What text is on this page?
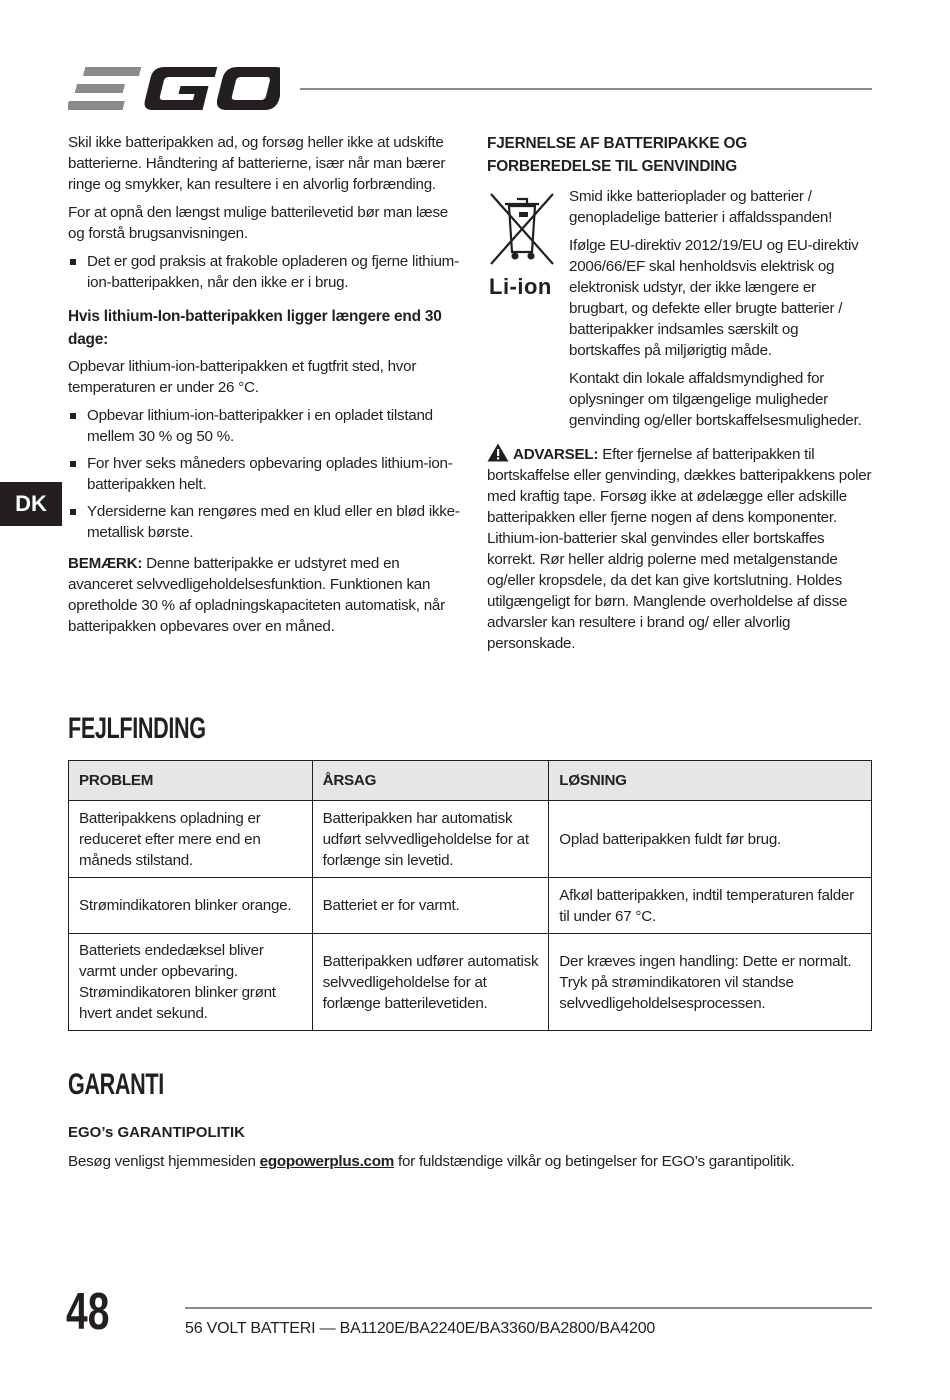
DK

Skil ikke batteripakken ad, og forsøg heller ikke at udskifte batterierne. Håndtering af batterierne, især når man bærer ringe og smykker, kan resultere i en alvorlig forbrænding.

For at opnå den længst mulige batterilevetid bør man læse og forstå brugsanvisningen.

Det er god praksis at frakoble opladeren og fjerne lithium-ion-batteripakken, når den ikke er i brug.
Hvis lithium-Ion-batteripakken ligger længere end 30 dage:

Opbevar lithium-ion-batteripakken et fugtfrit sted, hvor temperaturen er under 26 °C.

Opbevar lithium-ion-batteripakker i en opladet tilstand mellem 30 % og 50 %.
For hver seks måneders opbevaring oplades lithium-ion-batteripakken helt.
Ydersiderne kan rengøres med en klud eller en blød ikke-metallisk børste.

BEMÆRK: Denne batteripakke er udstyret med en avanceret selvvedligeholdelsesfunktion. Funktionen kan opretholde 30 % af opladningskapaciteten automatisk, når batteripakken opbevares over en måned.

FJERNELSE AF BATTERIPAKKE OG FORBEREDELSE TIL GENVINDING
Li-ion

Smid ikke batterioplader og batterier / genopladelige batterier i affaldsspanden!

Ifølge EU-direktiv 2012/19/EU og EU-direktiv 2006/66/EF skal henholdsvis elektrisk og elektronisk udstyr, der ikke længere er brugbart, og defekte eller brugte batterier / batteripakker indsamles særskilt og bortskaffes på miljørigtig måde.

Kontakt din lokale affaldsmyndighed for oplysninger om tilgængelige muligheder genvinding og/eller bortskaffelsesmuligheder.

ADVARSEL: Efter fjernelse af batteripakken til bortskaffelse eller genvinding, dækkes batteripakkens poler med kraftig tape. Forsøg ikke at ødelægge eller adskille batteripakken eller fjerne nogen af dens komponenter. Lithium-ion-batterier skal genvindes eller bortskaffes korrekt. Rør heller aldrig polerne med metalgenstande og/eller kropsdele, da det kan give kortslutning. Holdes utilgængeligt for børn. Manglende overholdelse af disse advarsler kan resultere i brand og/ eller alvorlig personskade.

FEJLFINDING
PROBLEM	ÅRSAG	LØSNING
Batteripakkens opladning er reduceret efter mere end en måneds stilstand.	Batteripakken har automatisk udført selvvedligeholdelse for at forlænge sin levetid.	Oplad batteripakken fuldt før brug.
Strømindikatoren blinker orange.	Batteriet er for varmt.	Afkøl batteripakken, indtil temperaturen falder til under 67 °C.
Batteriets endedæksel bliver varmt under opbevaring. Strømindikatoren blinker grønt hvert andet sekund.	Batteripakken udfører automatisk selvvedligeholdelse for at forlænge batterilevetiden.	Der kræves ingen handling: Dette er normalt. Tryk på strømindikatoren vil standse selvvedligeholdelsesprocessen.
GARANTI
EGO’s GARANTIPOLITIK
Besøg venligst hjemmesiden egopowerplus.com for fuldstændige vilkår og betingelser for EGO’s garantipolitik.
48	56 VOLT BATTERI — BA1120E/BA2240E/BA3360/BA2800/BA4200
